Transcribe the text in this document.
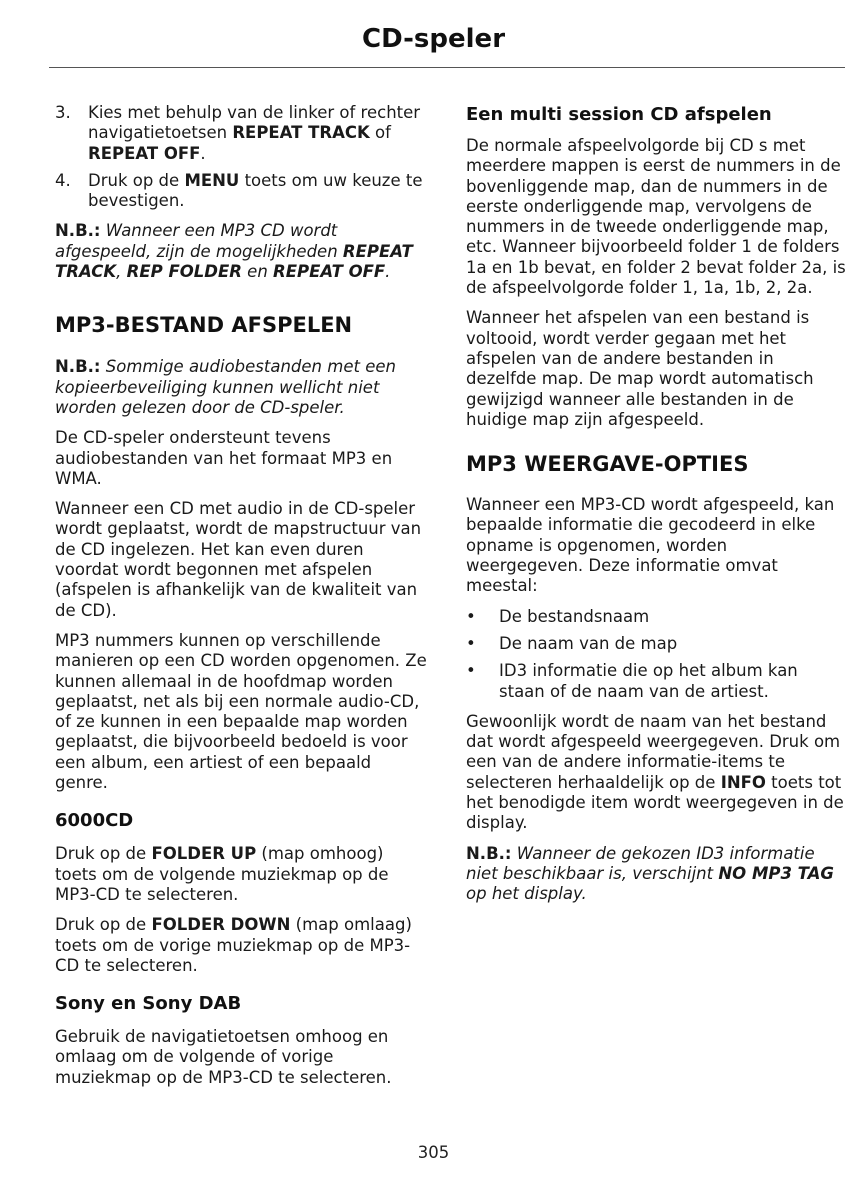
CD-speler
3. Kies met behulp van de linker of rechter navigatietoetsen REPEAT TRACK of REPEAT OFF.
4. Druk op de MENU toets om uw keuze te bevestigen.

N.B.: Wanneer een MP3 CD wordt afgespeeld, zijn de mogelijkheden REPEAT TRACK, REP FOLDER en REPEAT OFF.

MP3-BESTAND AFSPELEN

N.B.: Sommige audiobestanden met een kopieerbeveiliging kunnen wellicht niet worden gelezen door de CD-speler.

De CD-speler ondersteunt tevens audiobestanden van het formaat MP3 en WMA.

Wanneer een CD met audio in de CD-speler wordt geplaatst, wordt de mapstructuur van de CD ingelezen. Het kan even duren voordat wordt begonnen met afspelen (afspelen is afhankelijk van de kwaliteit van de CD).

MP3 nummers kunnen op verschillende manieren op een CD worden opgenomen. Ze kunnen allemaal in de hoofdmap worden geplaatst, net als bij een normale audio-CD, of ze kunnen in een bepaalde map worden geplaatst, die bijvoorbeeld bedoeld is voor een album, een artiest of een bepaald genre.

6000CD

Druk op de FOLDER UP (map omhoog) toets om de volgende muziekmap op de MP3-CD te selecteren.

Druk op de FOLDER DOWN (map omlaag) toets om de vorige muziekmap op de MP3-CD te selecteren.

Sony en Sony DAB

Gebruik de navigatietoetsen omhoog en omlaag om de volgende of vorige muziekmap op de MP3-CD te selecteren.

Een multi session CD afspelen

De normale afspeelvolgorde bij CD s met meerdere mappen is eerst de nummers in de bovenliggende map, dan de nummers in de eerste onderliggende map, vervolgens de nummers in de tweede onderliggende map, etc. Wanneer bijvoorbeeld folder 1 de folders 1a en 1b bevat, en folder 2 bevat folder 2a, is de afspeelvolgorde folder 1, 1a, 1b, 2, 2a.

Wanneer het afspelen van een bestand is voltooid, wordt verder gegaan met het afspelen van de andere bestanden in dezelfde map. De map wordt automatisch gewijzigd wanneer alle bestanden in de huidige map zijn afgespeeld.

MP3 WEERGAVE-OPTIES

Wanneer een MP3-CD wordt afgespeeld, kan bepaalde informatie die gecodeerd in elke opname is opgenomen, worden weergegeven. Deze informatie omvat meestal:

• De bestandsnaam
• De naam van de map
• ID3 informatie die op het album kan staan of de naam van de artiest.

Gewoonlijk wordt de naam van het bestand dat wordt afgespeeld weergegeven. Druk om een van de andere informatie-items te selecteren herhaaldelijk op de INFO toets tot het benodigde item wordt weergegeven in de display.

N.B.: Wanneer de gekozen ID3 informatie niet beschikbaar is, verschijnt NO MP3 TAG op het display.

305
